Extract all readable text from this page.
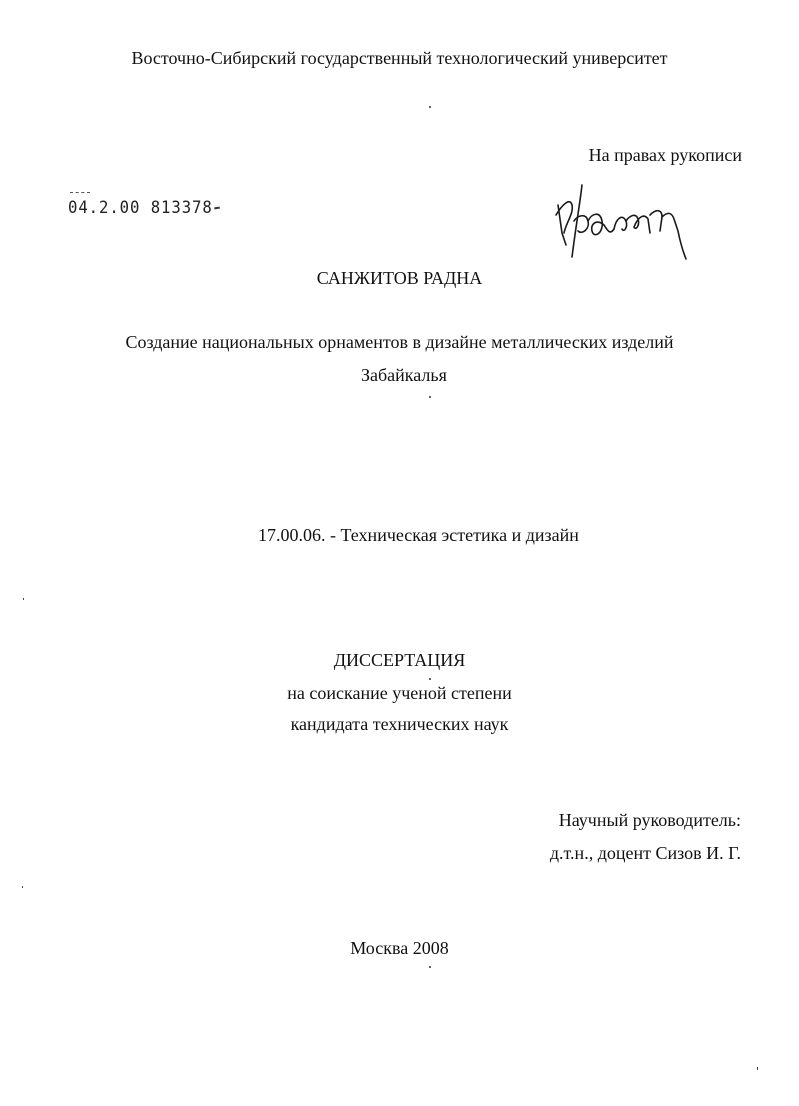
Восточно-Сибирский государственный технологический университет
На правах рукописи
04.2.00 813378
САНЖИТОВ РАДНА
Создание национальных орнаментов в дизайне металлических изделий
Забайкалья
17.00.06. - Техническая эстетика и дизайн
ДИССЕРТАЦИЯ
на соискание ученой степени
кандидата технических наук
Научный руководитель:
д.т.н., доцент Сизов И. Г.
Москва 2008
